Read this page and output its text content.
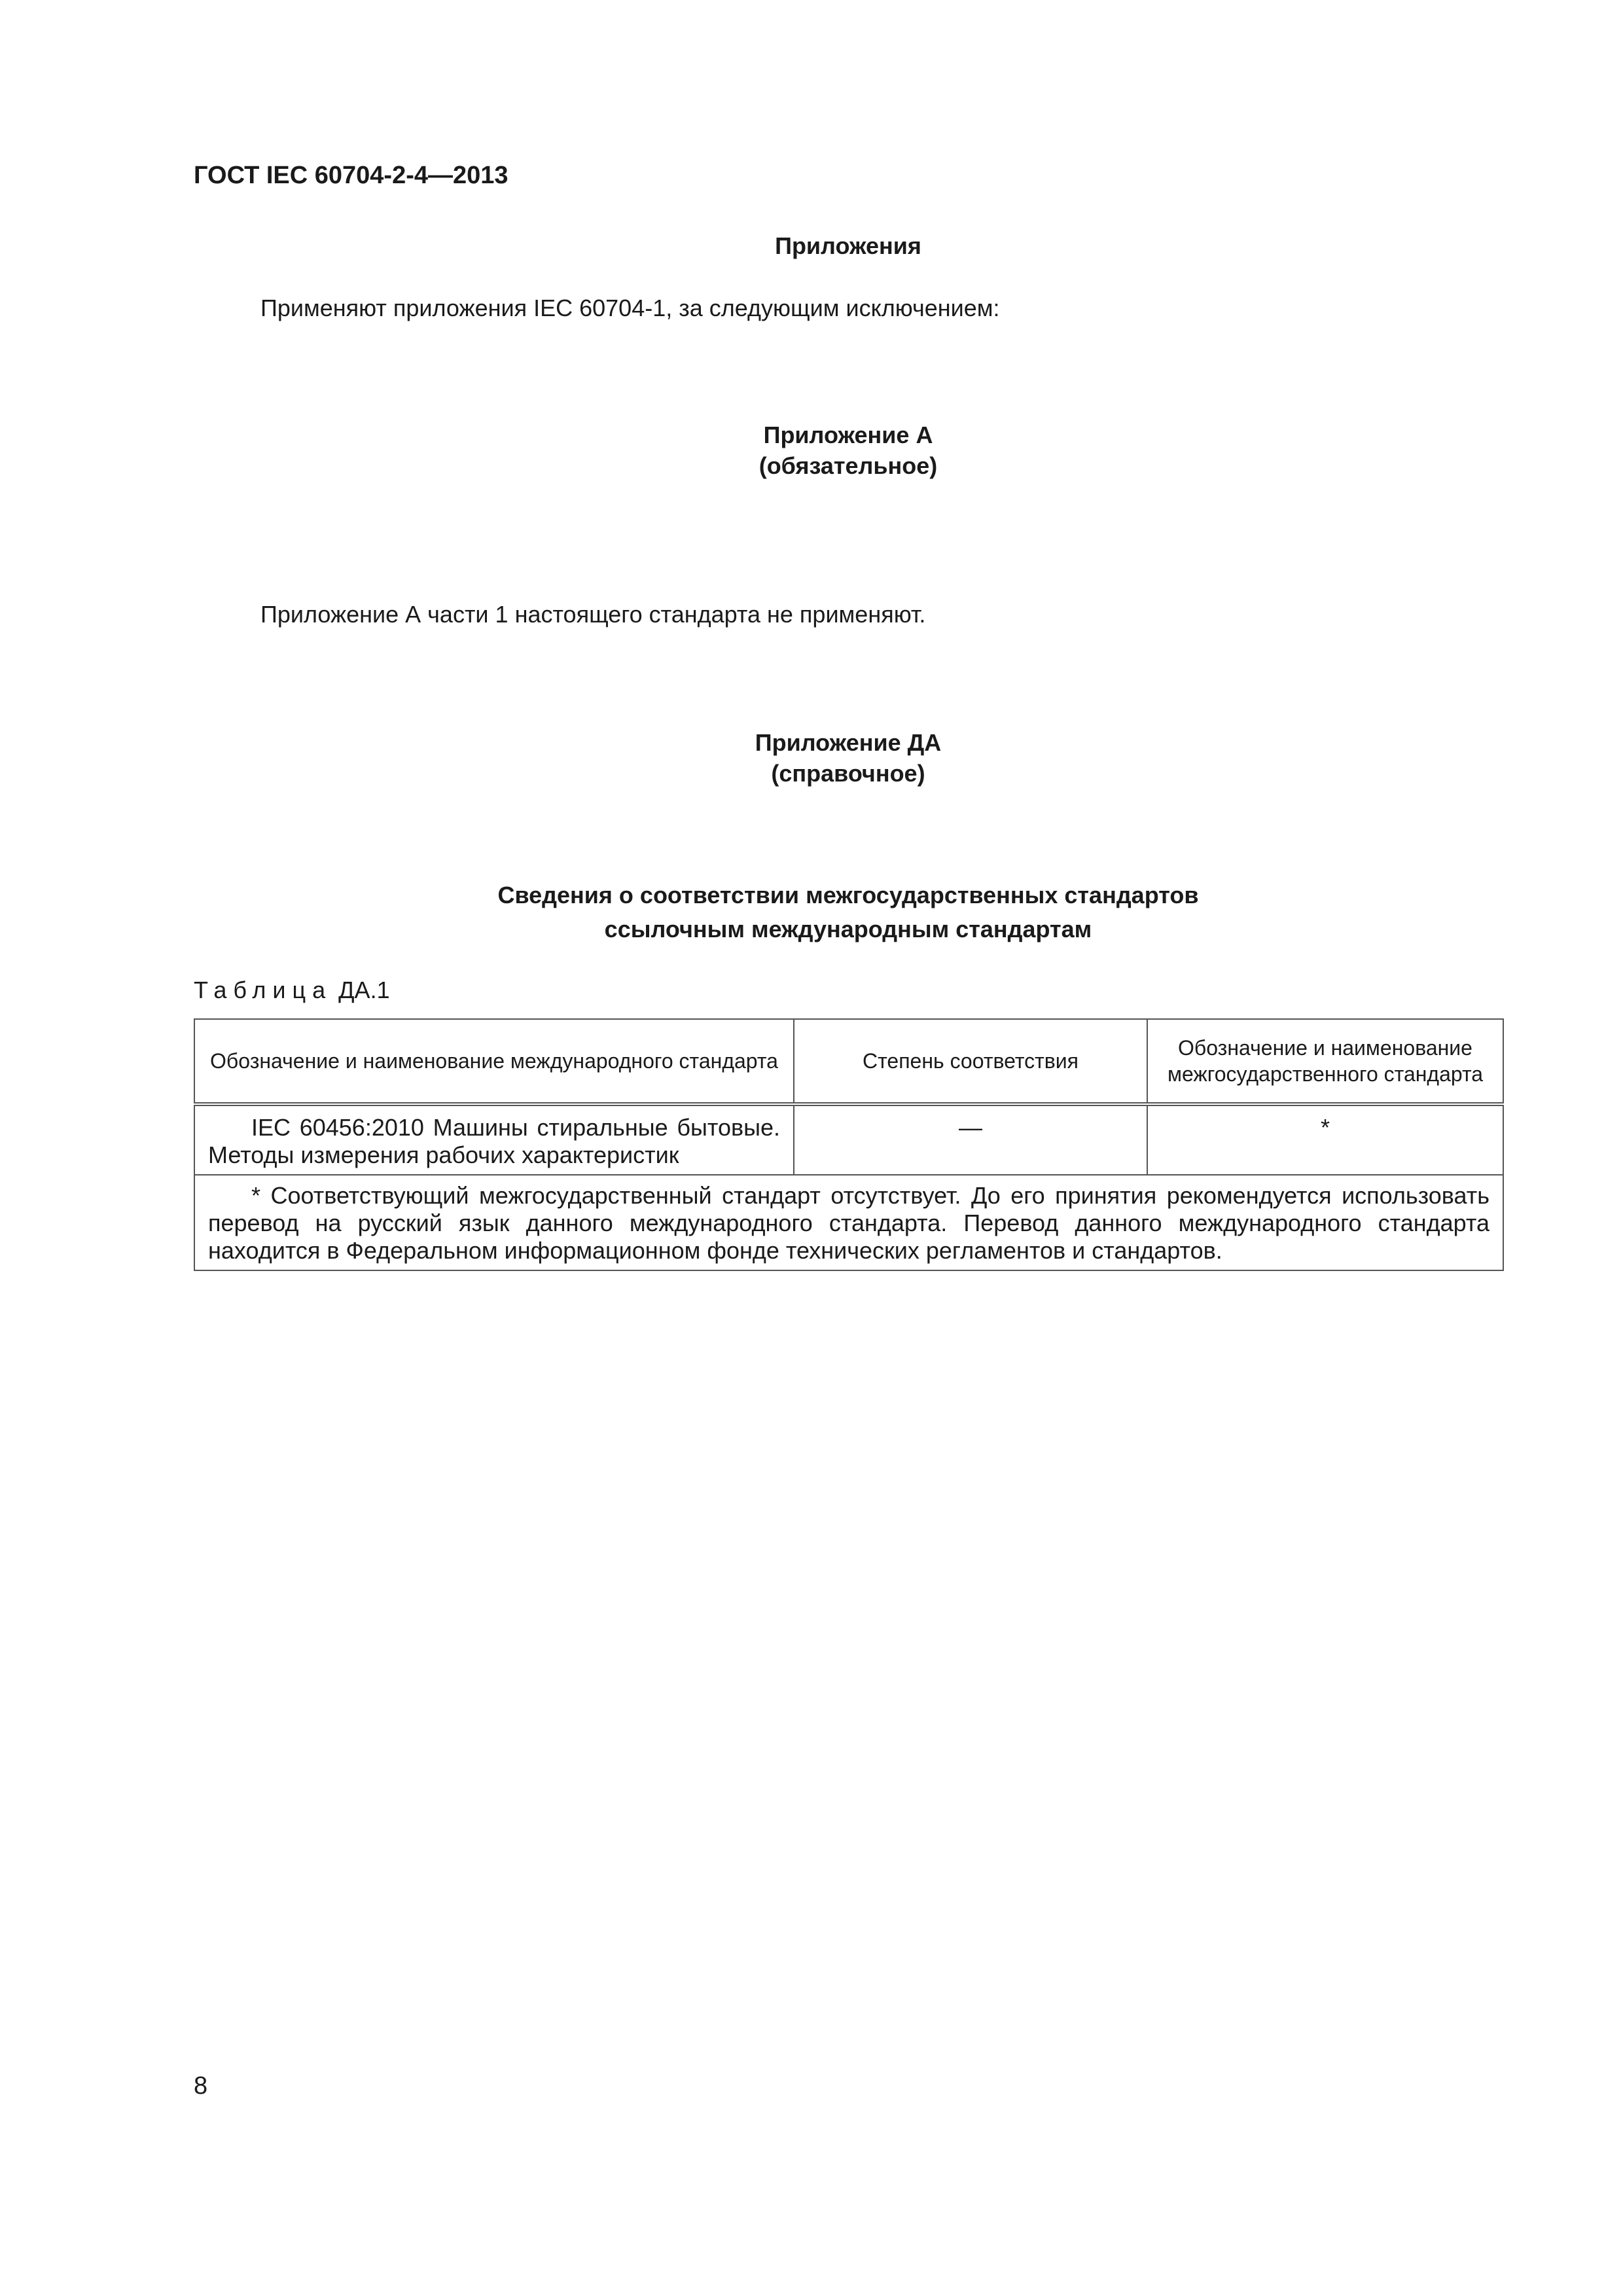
ГОСТ IEC 60704-2-4—2013
Приложения
Применяют приложения IEC 60704-1, за следующим исключением:
Приложение А
(обязательное)
Приложение А части 1 настоящего стандарта не применяют.
Приложение ДА
(справочное)
Сведения о соответствии межгосударственных стандартов
ссылочным международным стандартам
Таблица ДА.1
Обозначение и наименование международного стандарта	Степень соответствия	Обозначение и наименование межгосударственного стандарта
IEC 60456:2010 Машины стиральные бытовые. Методы измерения рабочих характеристик	—	*
* Соответствующий межгосударственный стандарт отсутствует. До его принятия рекомендуется использовать перевод на русский язык данного международного стандарта. Перевод данного международного стандарта находится в Федеральном информационном фонде технических регламентов и стандартов.		
8
